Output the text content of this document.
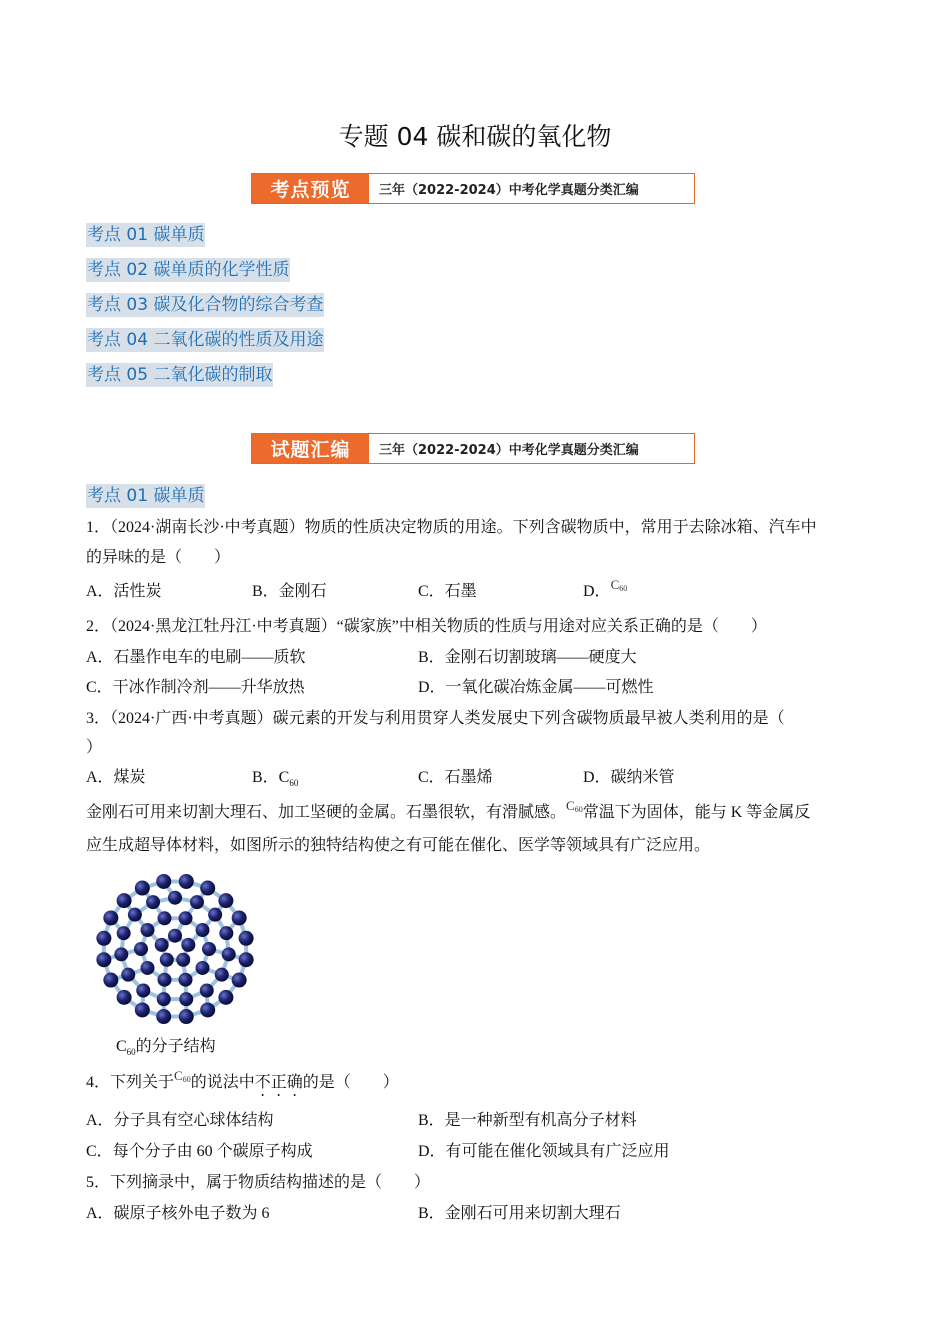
专题 04 碳和碳的氧化物
考点预览	三年（2022-2024）中考化学真题分类汇编
考点 01 碳单质
考点 02 碳单质的化学性质
考点 03 碳及化合物的综合考查
考点 04 二氧化碳的性质及用途
考点 05 二氧化碳的制取
试题汇编	三年（2022-2024）中考化学真题分类汇编
考点 01 碳单质
1．（2024·湖南长沙·中考真题）物质的性质决定物质的用途。下列含碳物质中，常用于去除冰箱、汽车中
的异味的是（　　）
A．活性炭	B．金刚石	C．石墨	D．$C_{60}$
2．（2024·黑龙江牡丹江·中考真题）“碳家族”中相关物质的性质与用途对应关系正确的是（　　）
A．石墨作电车的电刷——质软	B．金刚石切割玻璃——硬度大
C．干冰作制冷剂——升华放热	D．一氧化碳冶炼金属——可燃性
3．（2024·广西·中考真题）碳元素的开发与利用贯穿人类发展史下列含碳物质最早被人类利用的是（
）
A．煤炭	B．$C_{60}$	C．石墨烯	D．碳纳米管
金刚石可用来切割大理石、加工坚硬的金属。石墨很软，有滑腻感。$C_{60}$常温下为固体，能与 K 等金属反
应生成超导体材料，如图所示的独特结构使之有可能在催化、医学等领域具有广泛应用。
$C_{60}$的分子结构
4．下列关于$C_{60}$的说法中不正确的是（　　）
A．分子具有空心球体结构	B．是一种新型有机高分子材料
C．每个分子由 60 个碳原子构成	D．有可能在催化领域具有广泛应用
5．下列摘录中，属于物质结构描述的是（　　）
A．碳原子核外电子数为 6	B．金刚石可用来切割大理石
